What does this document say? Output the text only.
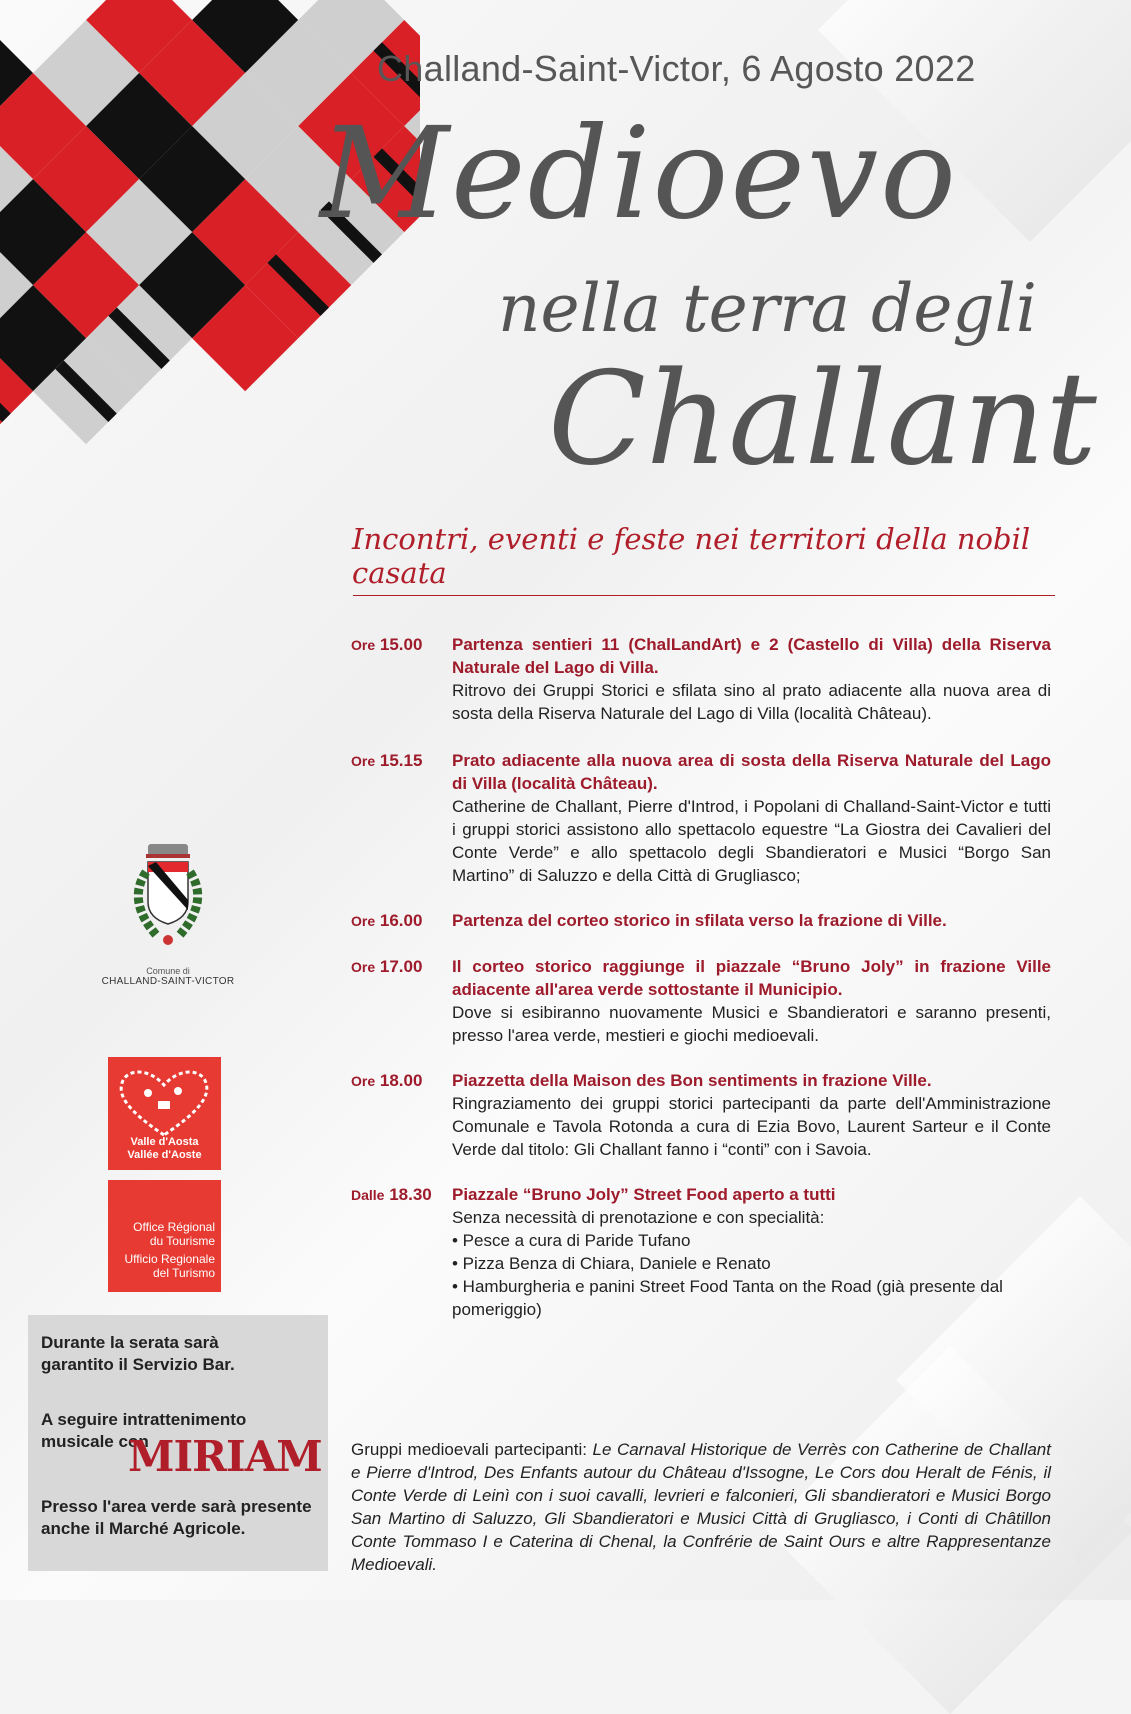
Challand-Saint-Victor, 6 Agosto 2022
Medioevo
nella terra degli
Challant
Incontri, eventi e feste nei territori della nobil casata
Ore 15.00	Partenza sentieri 11 (ChalLandArt) e 2 (Castello di Villa) della Riserva Naturale del Lago di Villa.
Ritrovo dei Gruppi Storici e sfilata sino al prato adiacente alla nuova area di sosta della Riserva Naturale del Lago di Villa (località Château).
Ore 15.15	Prato adiacente alla nuova area di sosta della Riserva Naturale del Lago di Villa (località Château).
Catherine de Challant, Pierre d'Introd, i Popolani di Challand-Saint-Victor e tutti i gruppi storici assistono allo spettacolo equestre “La Giostra dei Cavalieri del Conte Verde” e allo spettacolo degli Sbandieratori e Musici “Borgo San Martino” di Saluzzo e della Città di Grugliasco;
Ore 16.00	Partenza del corteo storico in sfilata verso la frazione di Ville.
Ore 17.00	Il corteo storico raggiunge il piazzale “Bruno Joly” in frazione Ville adiacente all'area verde sottostante il Municipio.
Dove si esibiranno nuovamente Musici e Sbandieratori e saranno presenti, presso l'area verde, mestieri e giochi medioevali.
Ore 18.00	Piazzetta della Maison des Bon sentiments in frazione Ville.
Ringraziamento dei gruppi storici partecipanti da parte dell'Amministrazione Comunale e Tavola Rotonda a cura di Ezia Bovo, Laurent Sarteur e il Conte Verde dal titolo: Gli Challant fanno i “conti” con i Savoia.
Dalle 18.30	Piazzale “Bruno Joly” Street Food aperto a tutti
Senza necessità di prenotazione e con specialità:
• Pesce a cura di Paride Tufano
• Pizza Benza di Chiara, Daniele e Renato
• Hamburgheria e panini Street Food Tanta on the Road (già presente dal pomeriggio)
Gruppi medioevali partecipanti: Le Carnaval Historique de Verrès con Catherine de Challant e Pierre d'Introd, Des Enfants autour du Château d'Issogne, Le Cors dou Heralt de Fénis, il Conte Verde di Leinì con i suoi cavalli, levrieri e falconieri, Gli sbandieratori e Musici Borgo San Martino di Saluzzo, Gli Sbandieratori e Musici Città di Grugliasco, i Conti di Châtillon Conte Tommaso I e Caterina di Chenal, la Confrérie de Saint Ours e altre Rappresentanze Medioevali.
Comune di
CHALLAND-SAINT-VICTOR
Valle d'Aosta
Vallée d'Aoste
Office Régional
du Tourisme
Ufficio Regionale
del Turismo

Durante la serata sarà garantito il Servizio Bar.

A seguire intrattenimento musicale con

Presso l'area verde sarà presente anche il Marché Agricole.

MIRIAM
